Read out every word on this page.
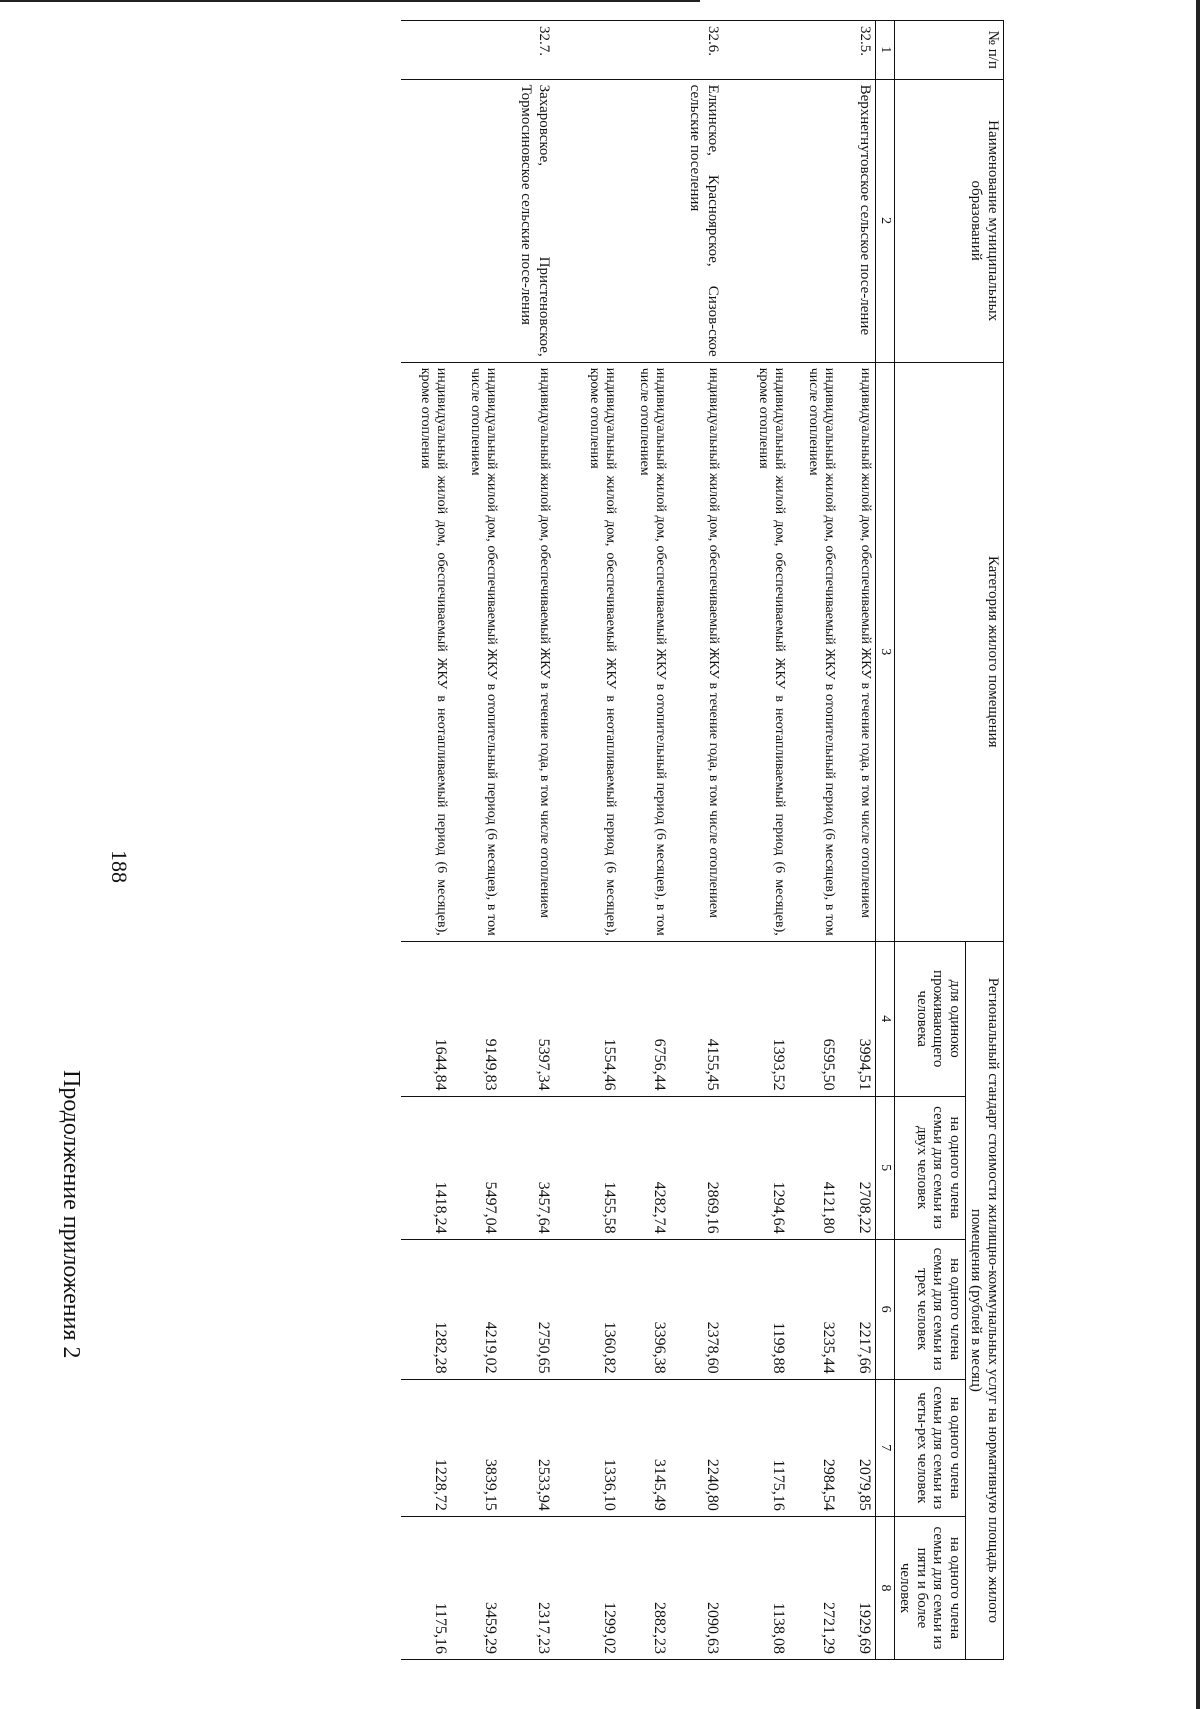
188
Продолжение приложения 2
№ п/п	Наименование муниципальных образований	Категория жилого помещения	Региональный стандарт стоимости жилищно-коммунальных услуг на нормативную площадь жилого помещения (рублей в месяц)				
			для одиноко проживающего человека	на одного члена семьи для семьи из двух человек	на одного члена семьи для семьи из трех человек	на одного члена семьи для семьи из четы-рех человек	на одного члена семьи для семьи из пяти и более человек
1	2	3	4	5	6	7	8
32.5.	Верхнегнутовское сельское посе-ление	индивидуальный жилой дом, обеспечиваемый ЖКУ в течение года, в том числе отоплением	3994,51	2708,22	2217,66	2079,85	1929,69
		индивидуальный жилой дом, обеспечиваемый ЖКУ в отопительный период (6 месяцев), в том числе отоплением	6595,50	4121,80	3235,44	2984,54	2721,29
		индивидуальный жилой дом, обеспечиваемый ЖКУ в неотапливаемый период (6 месяцев), кроме отопления	1393,52	1294,64	1199,88	1175,16	1138,08
32.6.	Елкинское, Красноярское, Сизов-ское сельские поселения	индивидуальный жилой дом, обеспечиваемый ЖКУ в течение года, в том числе отоплением	4155,45	2869,16	2378,60	2240,80	2090,63
		индивидуальный жилой дом, обеспечиваемый ЖКУ в отопительный период (6 месяцев), в том числе отоплением	6756,44	4282,74	3396,38	3145,49	2882,23
		индивидуальный жилой дом, обеспечиваемый ЖКУ в неотапливаемый период (6 месяцев), кроме отопления	1554,46	1455,58	1360,82	1336,10	1299,02
32.7.	Захаровское, Пристеновское, Тормосиновское сельские посе-ления	индивидуальный жилой дом, обеспечиваемый ЖКУ в течение года, в том числе отоплением	5397,34	3457,64	2750,65	2533,94	2317,23
		индивидуальный жилой дом, обеспечиваемый ЖКУ в отопительный период (6 месяцев), в том числе отоплением	9149,83	5497,04	4219,02	3839,15	3459,29
		индивидуальный жилой дом, обеспечиваемый ЖКУ в неотапливаемый период (6 месяцев), кроме отопления	1644,84	1418,24	1282,28	1228,72	1175,16
